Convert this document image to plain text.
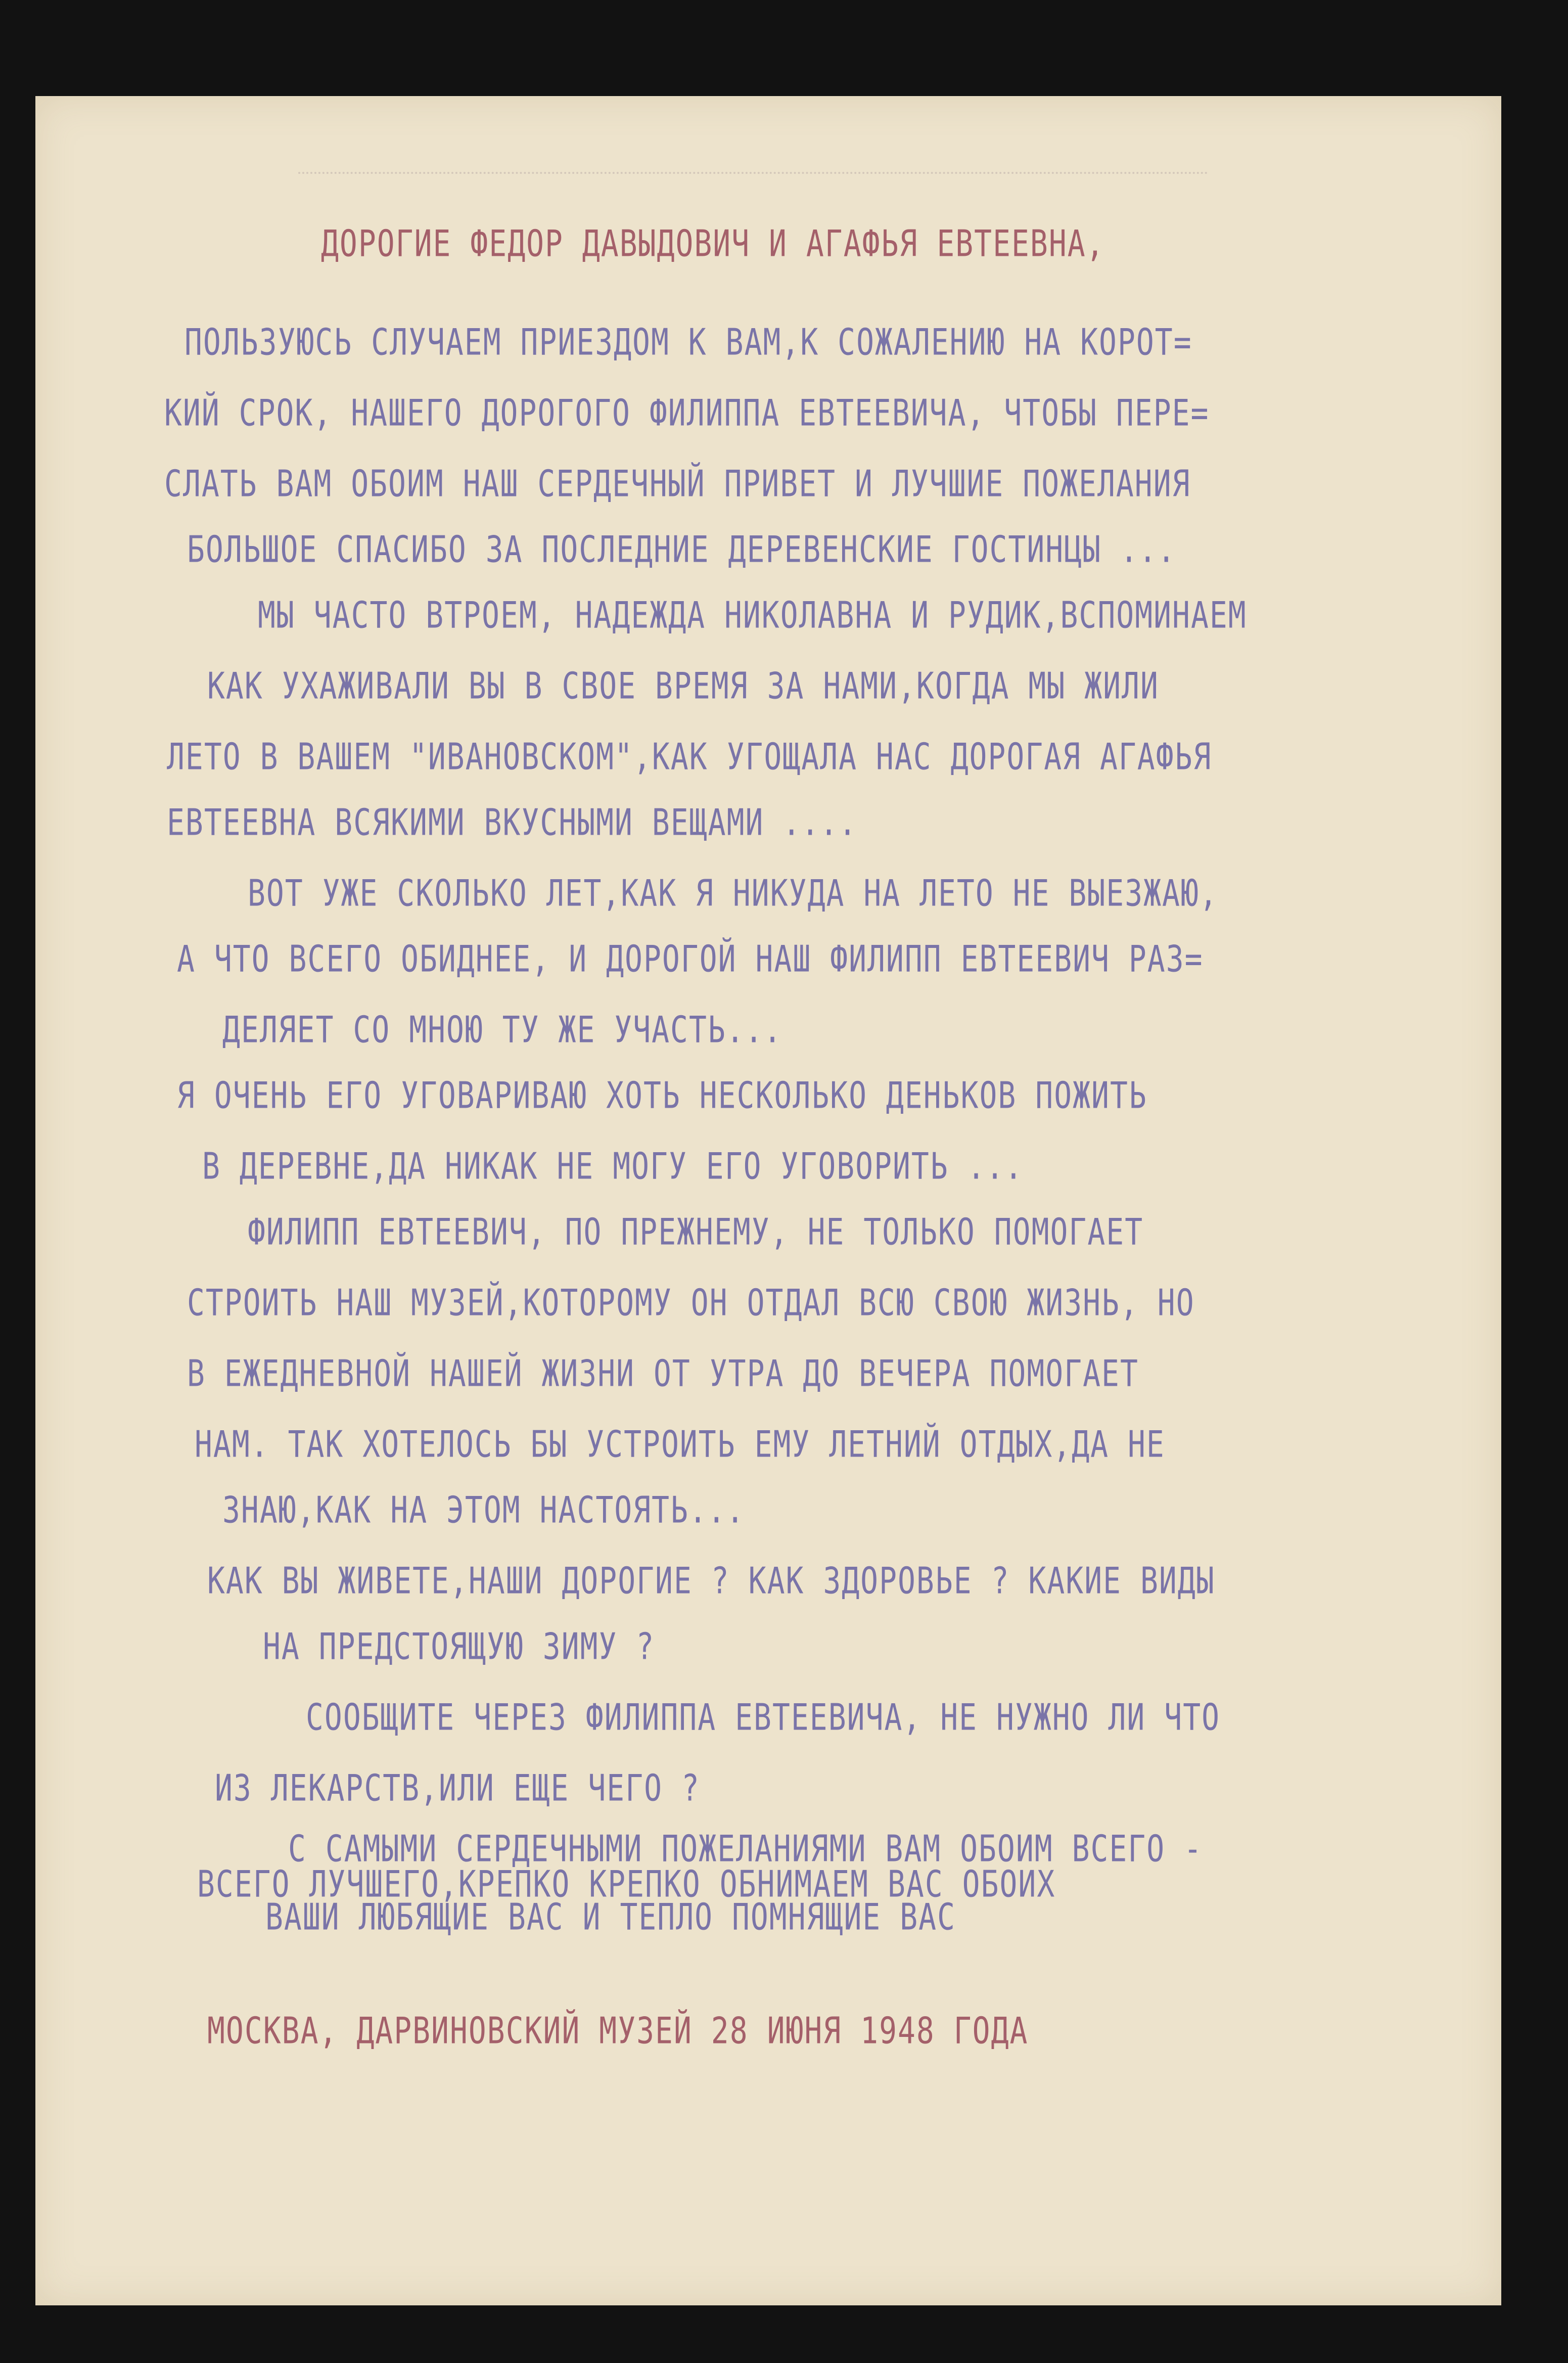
ДОРОГИЕ ФЕДОР ДАВЫДОВИЧ И АГАФЬЯ ЕВТЕЕВНА,

ПОЛЬЗУЮСЬ СЛУЧАЕМ ПРИЕЗДОМ К ВАМ,К СОЖАЛЕНИЮ НА КОРОТ=

КИЙ СРОК, НАШЕГО ДОРОГОГО ФИЛИППА ЕВТЕЕВИЧА, ЧТОБЫ ПЕРЕ=

СЛАТЬ ВАМ ОБОИМ НАШ СЕРДЕЧНЫЙ ПРИВЕТ И ЛУЧШИЕ ПОЖЕЛАНИЯ

БОЛЬШОЕ СПАСИБО ЗА ПОСЛЕДНИЕ ДЕРЕВЕНСКИЕ ГОСТИНЦЫ ...

МЫ ЧАСТО ВТРОЕМ, НАДЕЖДА НИКОЛАВНА И РУДИК,ВСПОМИНАЕМ

КАК УХАЖИВАЛИ ВЫ В СВОЕ ВРЕМЯ ЗА НАМИ,КОГДА МЫ ЖИЛИ

ЛЕТО В ВАШЕМ "ИВАНОВСКОМ",КАК УГОЩАЛА НАС ДОРОГАЯ АГАФЬЯ

ЕВТЕЕВНА ВСЯКИМИ ВКУСНЫМИ ВЕЩАМИ ....

ВОТ УЖЕ СКОЛЬКО ЛЕТ,КАК Я НИКУДА НА ЛЕТО НЕ ВЫЕЗЖАЮ,

А ЧТО ВСЕГО ОБИДНЕЕ, И ДОРОГОЙ НАШ ФИЛИПП ЕВТЕЕВИЧ РАЗ=

ДЕЛЯЕТ СО МНОЮ ТУ ЖЕ УЧАСТЬ...

Я ОЧЕНЬ ЕГО УГОВАРИВАЮ ХОТЬ НЕСКОЛЬКО ДЕНЬКОВ ПОЖИТЬ

В ДЕРЕВНЕ,ДА НИКАК НЕ МОГУ ЕГО УГОВОРИТЬ ...

ФИЛИПП ЕВТЕЕВИЧ, ПО ПРЕЖНЕМУ, НЕ ТОЛЬКО ПОМОГАЕТ

СТРОИТЬ НАШ МУЗЕЙ,КОТОРОМУ ОН ОТДАЛ ВСЮ СВОЮ ЖИЗНЬ, НО

В ЕЖЕДНЕВНОЙ НАШЕЙ ЖИЗНИ ОТ УТРА ДО ВЕЧЕРА ПОМОГАЕТ

НАМ. ТАК ХОТЕЛОСЬ БЫ УСТРОИТЬ ЕМУ ЛЕТНИЙ ОТДЫХ,ДА НЕ

ЗНАЮ,КАК НА ЭТОМ НАСТОЯТЬ...

КАК ВЫ ЖИВЕТЕ,НАШИ ДОРОГИЕ ? КАК ЗДОРОВЬЕ ? КАКИЕ ВИДЫ

НА ПРЕДСТОЯЩУЮ ЗИМУ ?

СООБЩИТЕ ЧЕРЕЗ ФИЛИППА ЕВТЕЕВИЧА, НЕ НУЖНО ЛИ ЧТО

ИЗ ЛЕКАРСТВ,ИЛИ ЕЩЕ ЧЕГО ?

С САМЫМИ СЕРДЕЧНЫМИ ПОЖЕЛАНИЯМИ ВАМ ОБОИМ ВСЕГО -

ВСЕГО ЛУЧШЕГО,КРЕПКО КРЕПКО ОБНИМАЕМ ВАС ОБОИХ

ВАШИ ЛЮБЯЩИЕ ВАС И ТЕПЛО ПОМНЯЩИЕ ВАС

МОСКВА, ДАРВИНОВСКИЙ МУЗЕЙ 28 ИЮНЯ 1948 ГОДА
